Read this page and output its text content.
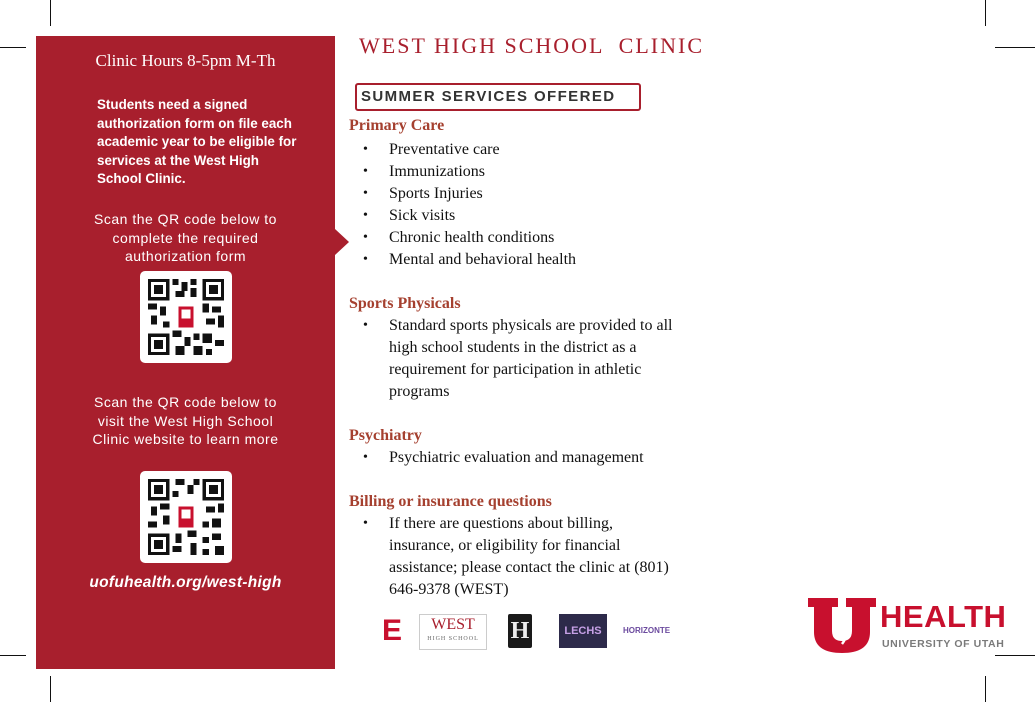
Clinic Hours 8-5pm M-Th
Students need a signed authorization form on file each academic year to be eligible for services at the West High School Clinic.
Scan the QR code below to complete the required authorization form
Scan the QR code below to visit the West High School Clinic website to learn more
uofuhealth.org/west-high
WEST HIGH SCHOOL  CLINIC
SUMMER SERVICES OFFERED
Primary Care
• Preventative care
• Immunizations
• Sports Injuries
• Sick visits
• Chronic health conditions
• Mental and behavioral health
Sports Physicals
• Standard sports physicals are provided to all high school students in the district as a requirement for participation in athletic programs
Psychiatry
• Psychiatric evaluation and management
Billing or insurance questions
• If there are questions about billing, insurance, or eligibility for financial assistance; please contact the clinic at (801) 646-9378 (WEST)
E	WEST
HIGH SCHOOL	H	LECHS	HORIZONTE	HEALTH
UNIVERSITY OF UTAH
